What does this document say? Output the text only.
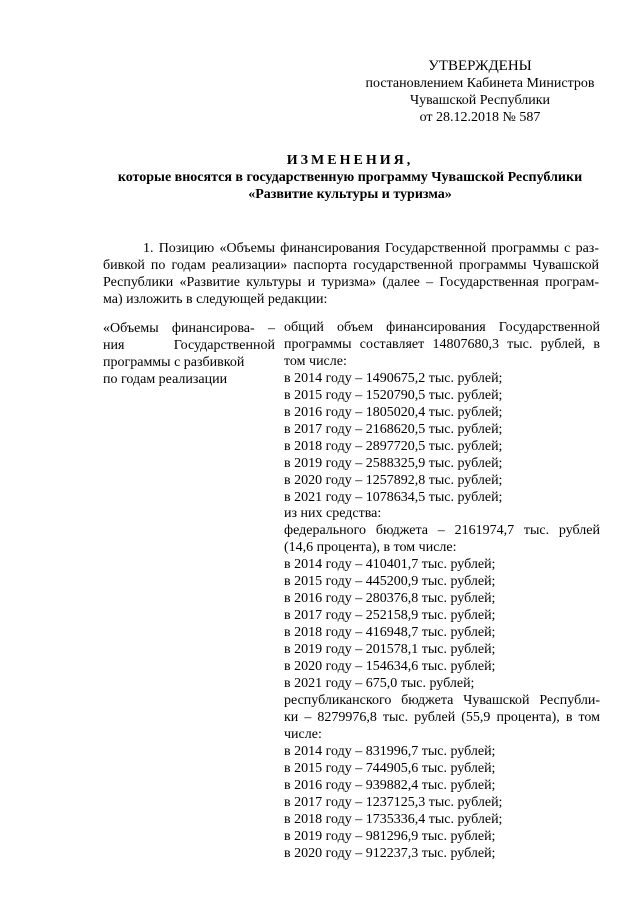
УТВЕРЖДЕНЫ
постановлением Кабинета Министров
Чувашской Республики
от 28.12.2018 № 587
ИЗМЕНЕНИЯ,
которые вносятся в государственную программу Чувашской Республики
«Развитие культуры и туризма»
1. Позицию «Объемы финансирования Государственной программы с раз-
бивкой по годам реализации» паспорта государственной программы Чувашской
Республики «Развитие культуры и туризма» (далее – Государственная програм-
ма) изложить в следующей редакции:
«Объемы финансирова- –
ния Государственной
программы с разбивкой
по годам реализации
общий объем финансирования Государственной
программы составляет 14807680,3 тыс. рублей, в
том числе:
в 2014 году – 1490675,2 тыс. рублей;
в 2015 году – 1520790,5 тыс. рублей;
в 2016 году – 1805020,4 тыс. рублей;
в 2017 году – 2168620,5 тыс. рублей;
в 2018 году – 2897720,5 тыс. рублей;
в 2019 году – 2588325,9 тыс. рублей;
в 2020 году – 1257892,8 тыс. рублей;
в 2021 году – 1078634,5 тыс. рублей;
из них средства:
федерального бюджета – 2161974,7 тыс. рублей
(14,6 процента), в том числе:
в 2014 году – 410401,7 тыс. рублей;
в 2015 году – 445200,9 тыс. рублей;
в 2016 году – 280376,8 тыс. рублей;
в 2017 году – 252158,9 тыс. рублей;
в 2018 году – 416948,7 тыс. рублей;
в 2019 году – 201578,1 тыс. рублей;
в 2020 году – 154634,6 тыс. рублей;
в 2021 году – 675,0 тыс. рублей;
республиканского бюджета Чувашской Республи-
ки – 8279976,8 тыс. рублей (55,9 процента), в том
числе:
в 2014 году – 831996,7 тыс. рублей;
в 2015 году – 744905,6 тыс. рублей;
в 2016 году – 939882,4 тыс. рублей;
в 2017 году – 1237125,3 тыс. рублей;
в 2018 году – 1735336,4 тыс. рублей;
в 2019 году – 981296,9 тыс. рублей;
в 2020 году – 912237,3 тыс. рублей;
